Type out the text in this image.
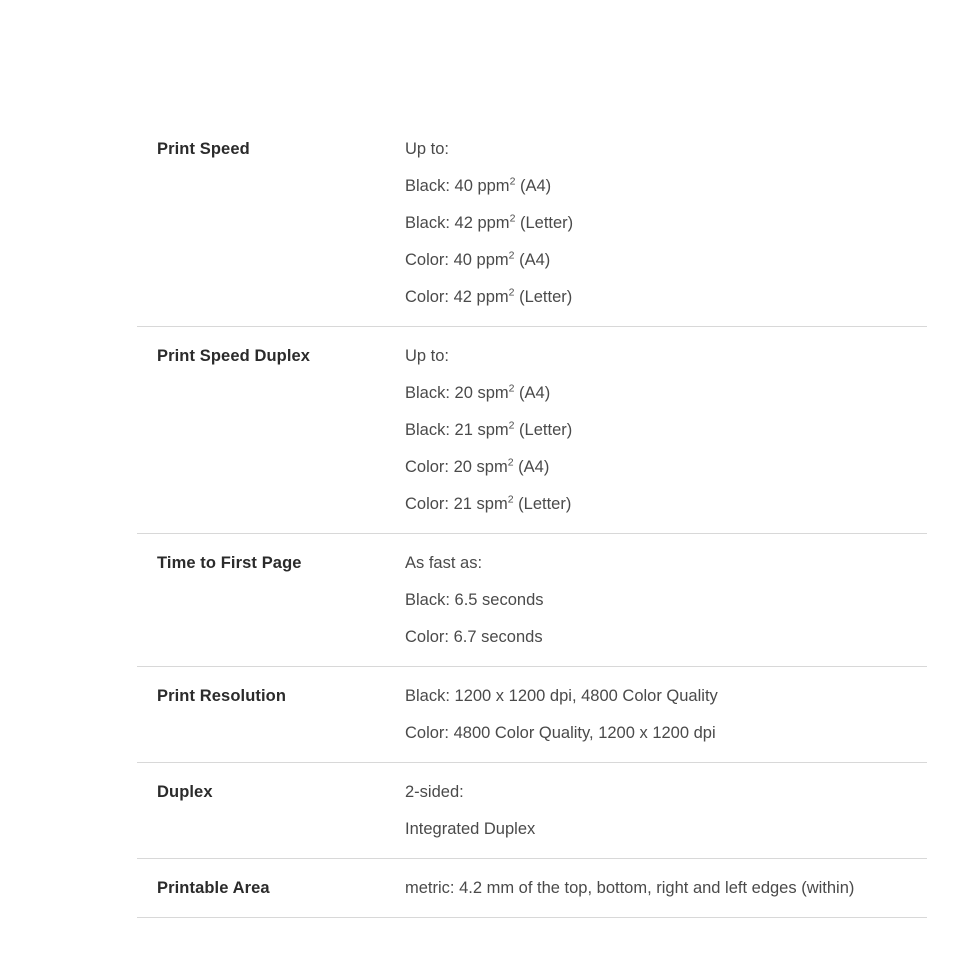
Print Speed	Up to:
Black: 40 ppm$^2$ (A4)
Black: 42 ppm$^2$ (Letter)
Color: 40 ppm$^2$ (A4)
Color: 42 ppm$^2$ (Letter)
Print Speed Duplex	Up to:
Black: 20 spm$^2$ (A4)
Black: 21 spm$^2$ (Letter)
Color: 20 spm$^2$ (A4)
Color: 21 spm$^2$ (Letter)
Time to First Page	As fast as:
Black: 6.5 seconds
Color: 6.7 seconds
Print Resolution	Black: 1200 x 1200 dpi, 4800 Color Quality
Color: 4800 Color Quality, 1200 x 1200 dpi
Duplex	2-sided:
Integrated Duplex
Printable Area	metric: 4.2 mm of the top, bottom, right and left edges (within)
